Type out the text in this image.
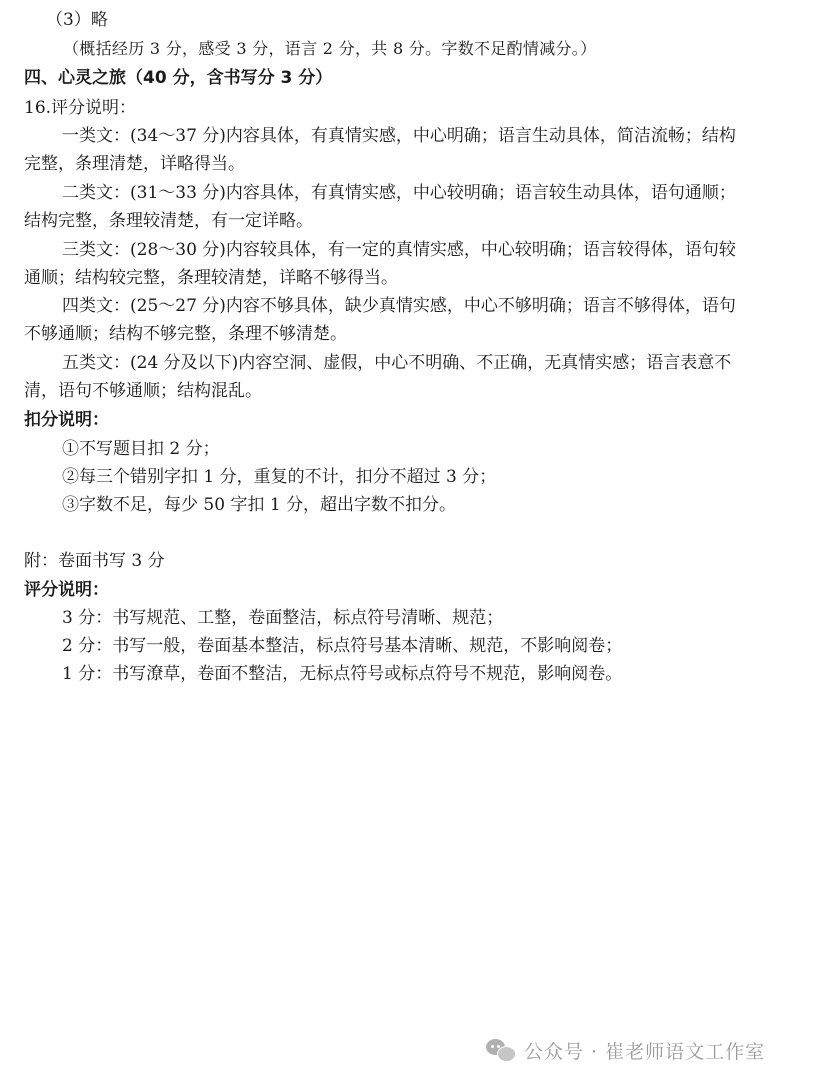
（3）略
（概括经历 3 分，感受 3 分，语言 2 分，共 8 分。字数不足酌情减分。）
四、心灵之旅（40 分，含书写分 3 分）
16.评分说明：
一类文：(34～37 分)内容具体，有真情实感，中心明确；语言生动具体，简洁流畅；结构
完整，条理清楚，详略得当。
二类文：(31～33 分)内容具体，有真情实感，中心较明确；语言较生动具体，语句通顺；
结构完整，条理较清楚，有一定详略。
三类文：(28～30 分)内容较具体，有一定的真情实感，中心较明确；语言较得体，语句较
通顺；结构较完整，条理较清楚，详略不够得当。
四类文：(25～27 分)内容不够具体，缺少真情实感，中心不够明确；语言不够得体，语句
不够通顺；结构不够完整，条理不够清楚。
五类文：(24 分及以下)内容空洞、虚假，中心不明确、不正确，无真情实感；语言表意不
清，语句不够通顺；结构混乱。
扣分说明：
①不写题目扣 2 分；
②每三个错别字扣 1 分，重复的不计，扣分不超过 3 分；
③字数不足，每少 50 字扣 1 分，超出字数不扣分。
附：卷面书写 3 分
评分说明：
3 分：书写规范、工整，卷面整洁，标点符号清晰、规范；
2 分：书写一般，卷面基本整洁，标点符号基本清晰、规范，不影响阅卷；
1 分：书写潦草，卷面不整洁，无标点符号或标点符号不规范，影响阅卷。
公众号 · 崔老师语文工作室
